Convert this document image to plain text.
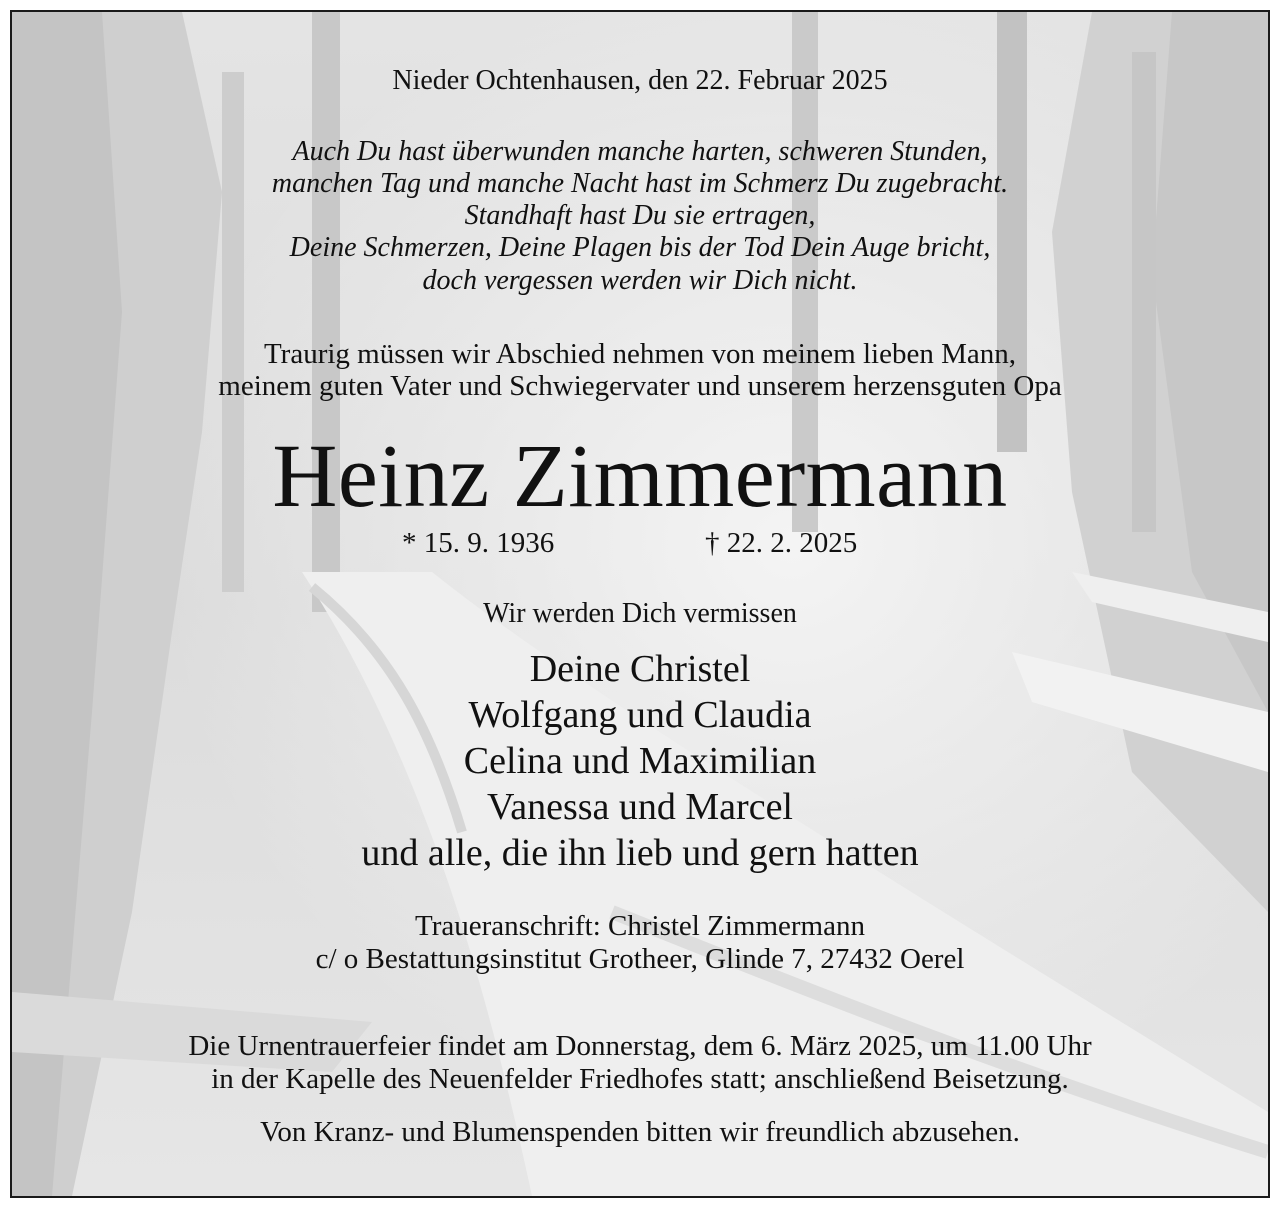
Nieder Ochtenhausen, den 22. Februar 2025
Auch Du hast überwunden manche harten, schweren Stunden,
manchen Tag und manche Nacht hast im Schmerz Du zugebracht.
Standhaft hast Du sie ertragen,
Deine Schmerzen, Deine Plagen bis der Tod Dein Auge bricht,
doch vergessen werden wir Dich nicht.
Traurig müssen wir Abschied nehmen von meinem lieben Mann,
meinem guten Vater und Schwiegervater und unserem herzensguten Opa
Heinz Zimmermann
* 15. 9. 1936	† 22. 2. 2025
Wir werden Dich vermissen
Deine Christel
Wolfgang und Claudia
Celina und Maximilian
Vanessa und Marcel
und alle, die ihn lieb und gern hatten
Traueranschrift: Christel Zimmermann
c/ o Bestattungsinstitut Grotheer, Glinde 7, 27432 Oerel
Die Urnentrauerfeier findet am Donnerstag, dem 6. März 2025, um 11.00 Uhr
in der Kapelle des Neuenfelder Friedhofes statt; anschließend Beisetzung.
Von Kranz- und Blumenspenden bitten wir freundlich abzusehen.
